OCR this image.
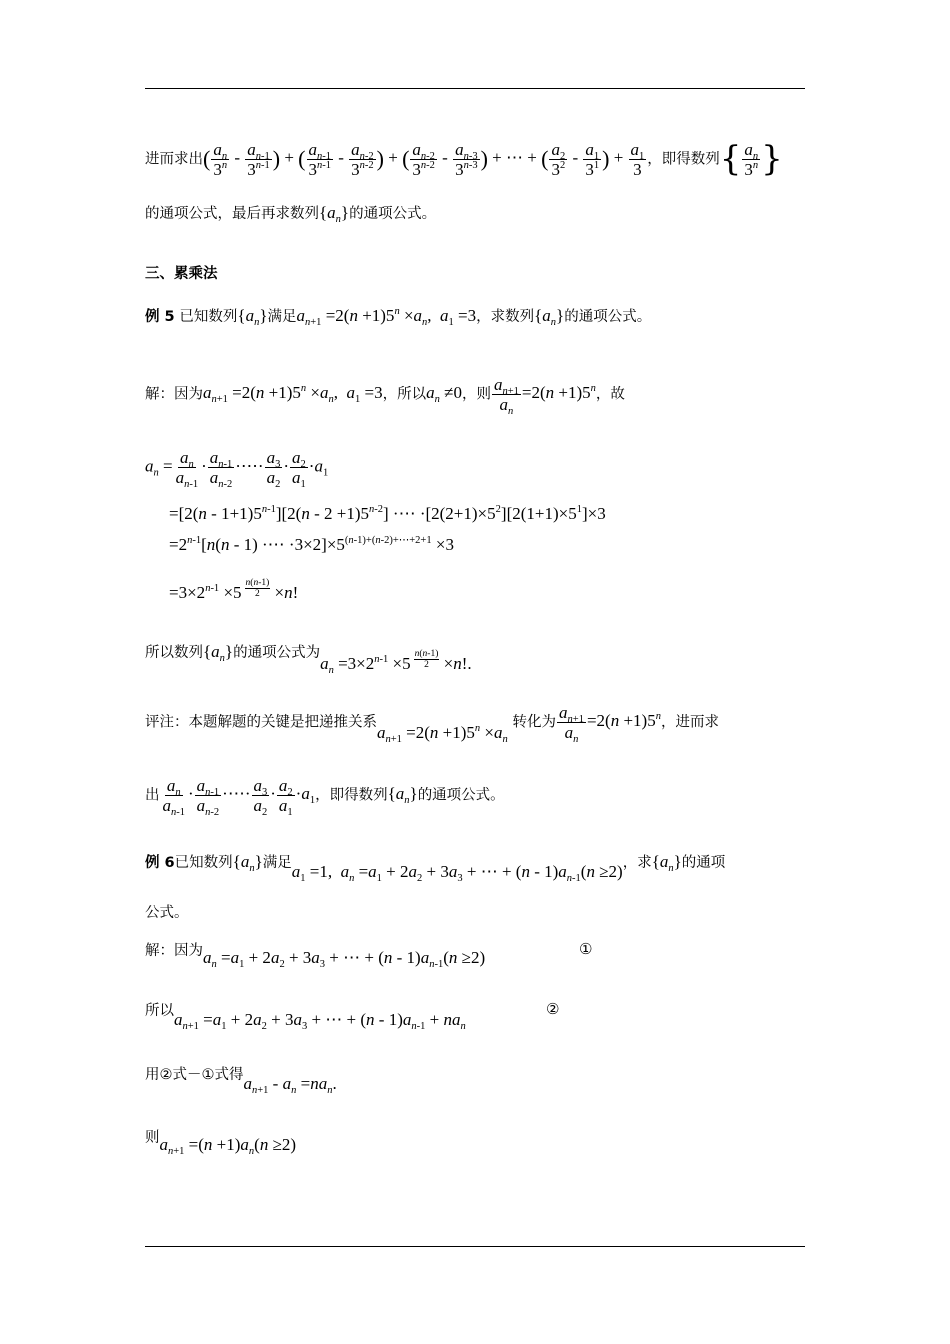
进而求出( $\frac{a_n}{3^n} - \frac{a_{n-1}}{3^{n-1}}$ ) + ( $\frac{a_{n-1}}{3^{n-1}} - \frac{a_{n-2}}{3^{n-2}}$ ) + ( $\frac{a_{n-2}}{3^{n-2}} - \frac{a_{n-3}}{3^{n-3}}$ ) + ⋯ + ( $\frac{a_2}{3^2} - \frac{a_1}{3^1}$ ) + $\frac{a_1}{3}$ ，即得数列{ $\frac{a_n}{3^n}$ }
的通项公式，最后再求数列$\{a_n\}$的通项公式。
三、累乘法
例 5 已知数列$\{a_n\}$满足$a_{n+1} =2(n +1)5^n \times a_n$,  $a_1 =3$，求数列$\{a_n\}$的通项公式。
解：因为$a_{n+1} =2(n +1)5^n \times a_n$,  $a_1 =3$，所以$a_n \ne 0$，则 $\frac{a_{n+1}}{a_n} =2(n +1)5^n$，故
$a_n = \frac{a_n}{a_{n-1}} \cdot \frac{a_{n-1}}{a_{n-2}}$ ·⋯· $\frac{a_3}{a_2} \cdot \frac{a_2}{a_1} \cdot a_1$
$=[2(n - 1+1)5^{n-1}][2(n - 2 +1)5^{n-2}]$ ·⋯ $\cdot[2(2+1)\times 5^2][2(1+1)\times 5^1]\times 3$
$=2^{n-1}[n(n - 1)$ ·⋯ $\cdot 3\times 2]\times 5^{(n-1)+(n-2)+\cdots+2+1} \times 3$
$=3\times 2^{n-1} \times 5 \frac{n(n-1)}{2} \times n$!
所以数列$\{a_n\}$的通项公式为$a_n =3\times 2^{n-1} \times 5 \frac{n(n-1)}{2} \times n$!.
评注：本题解题的关键是把递推关系$a_{n+1} =2(n +1)5^n \times a_n$ 转化为 $\frac{a_{n+1}}{a_n} =2(n +1)5^n$，进而求
出 $\frac{a_n}{a_{n-1}} \cdot \frac{a_{n-1}}{a_{n-2}}$ ·⋯· $\frac{a_3}{a_2} \cdot \frac{a_2}{a_1} \cdot a_1$，即得数列$\{a_n\}$的通项公式。
例 6已知数列$\{a_n\}$满足$a_1 =1$,  $a_n =a_1 + 2a_2 + 3a_3$ + ⋯ + $(n - 1)a_{n-1}(n \ge 2)$，求$\{a_n\}$的通项
公式。
解：因为$a_n =a_1 + 2a_2 + 3a_3$ + ⋯ + $(n - 1)a_{n-1}(n \ge 2)$	①
所以$a_{n+1} =a_1 + 2a_2 + 3a_3$ + ⋯ + $(n - 1)a_{n-1} + na_n$
②
用②式－①式得$a_{n+1} - a_n =na_n$.
则$a_{n+1} =(n +1)a_n(n \ge 2)$
